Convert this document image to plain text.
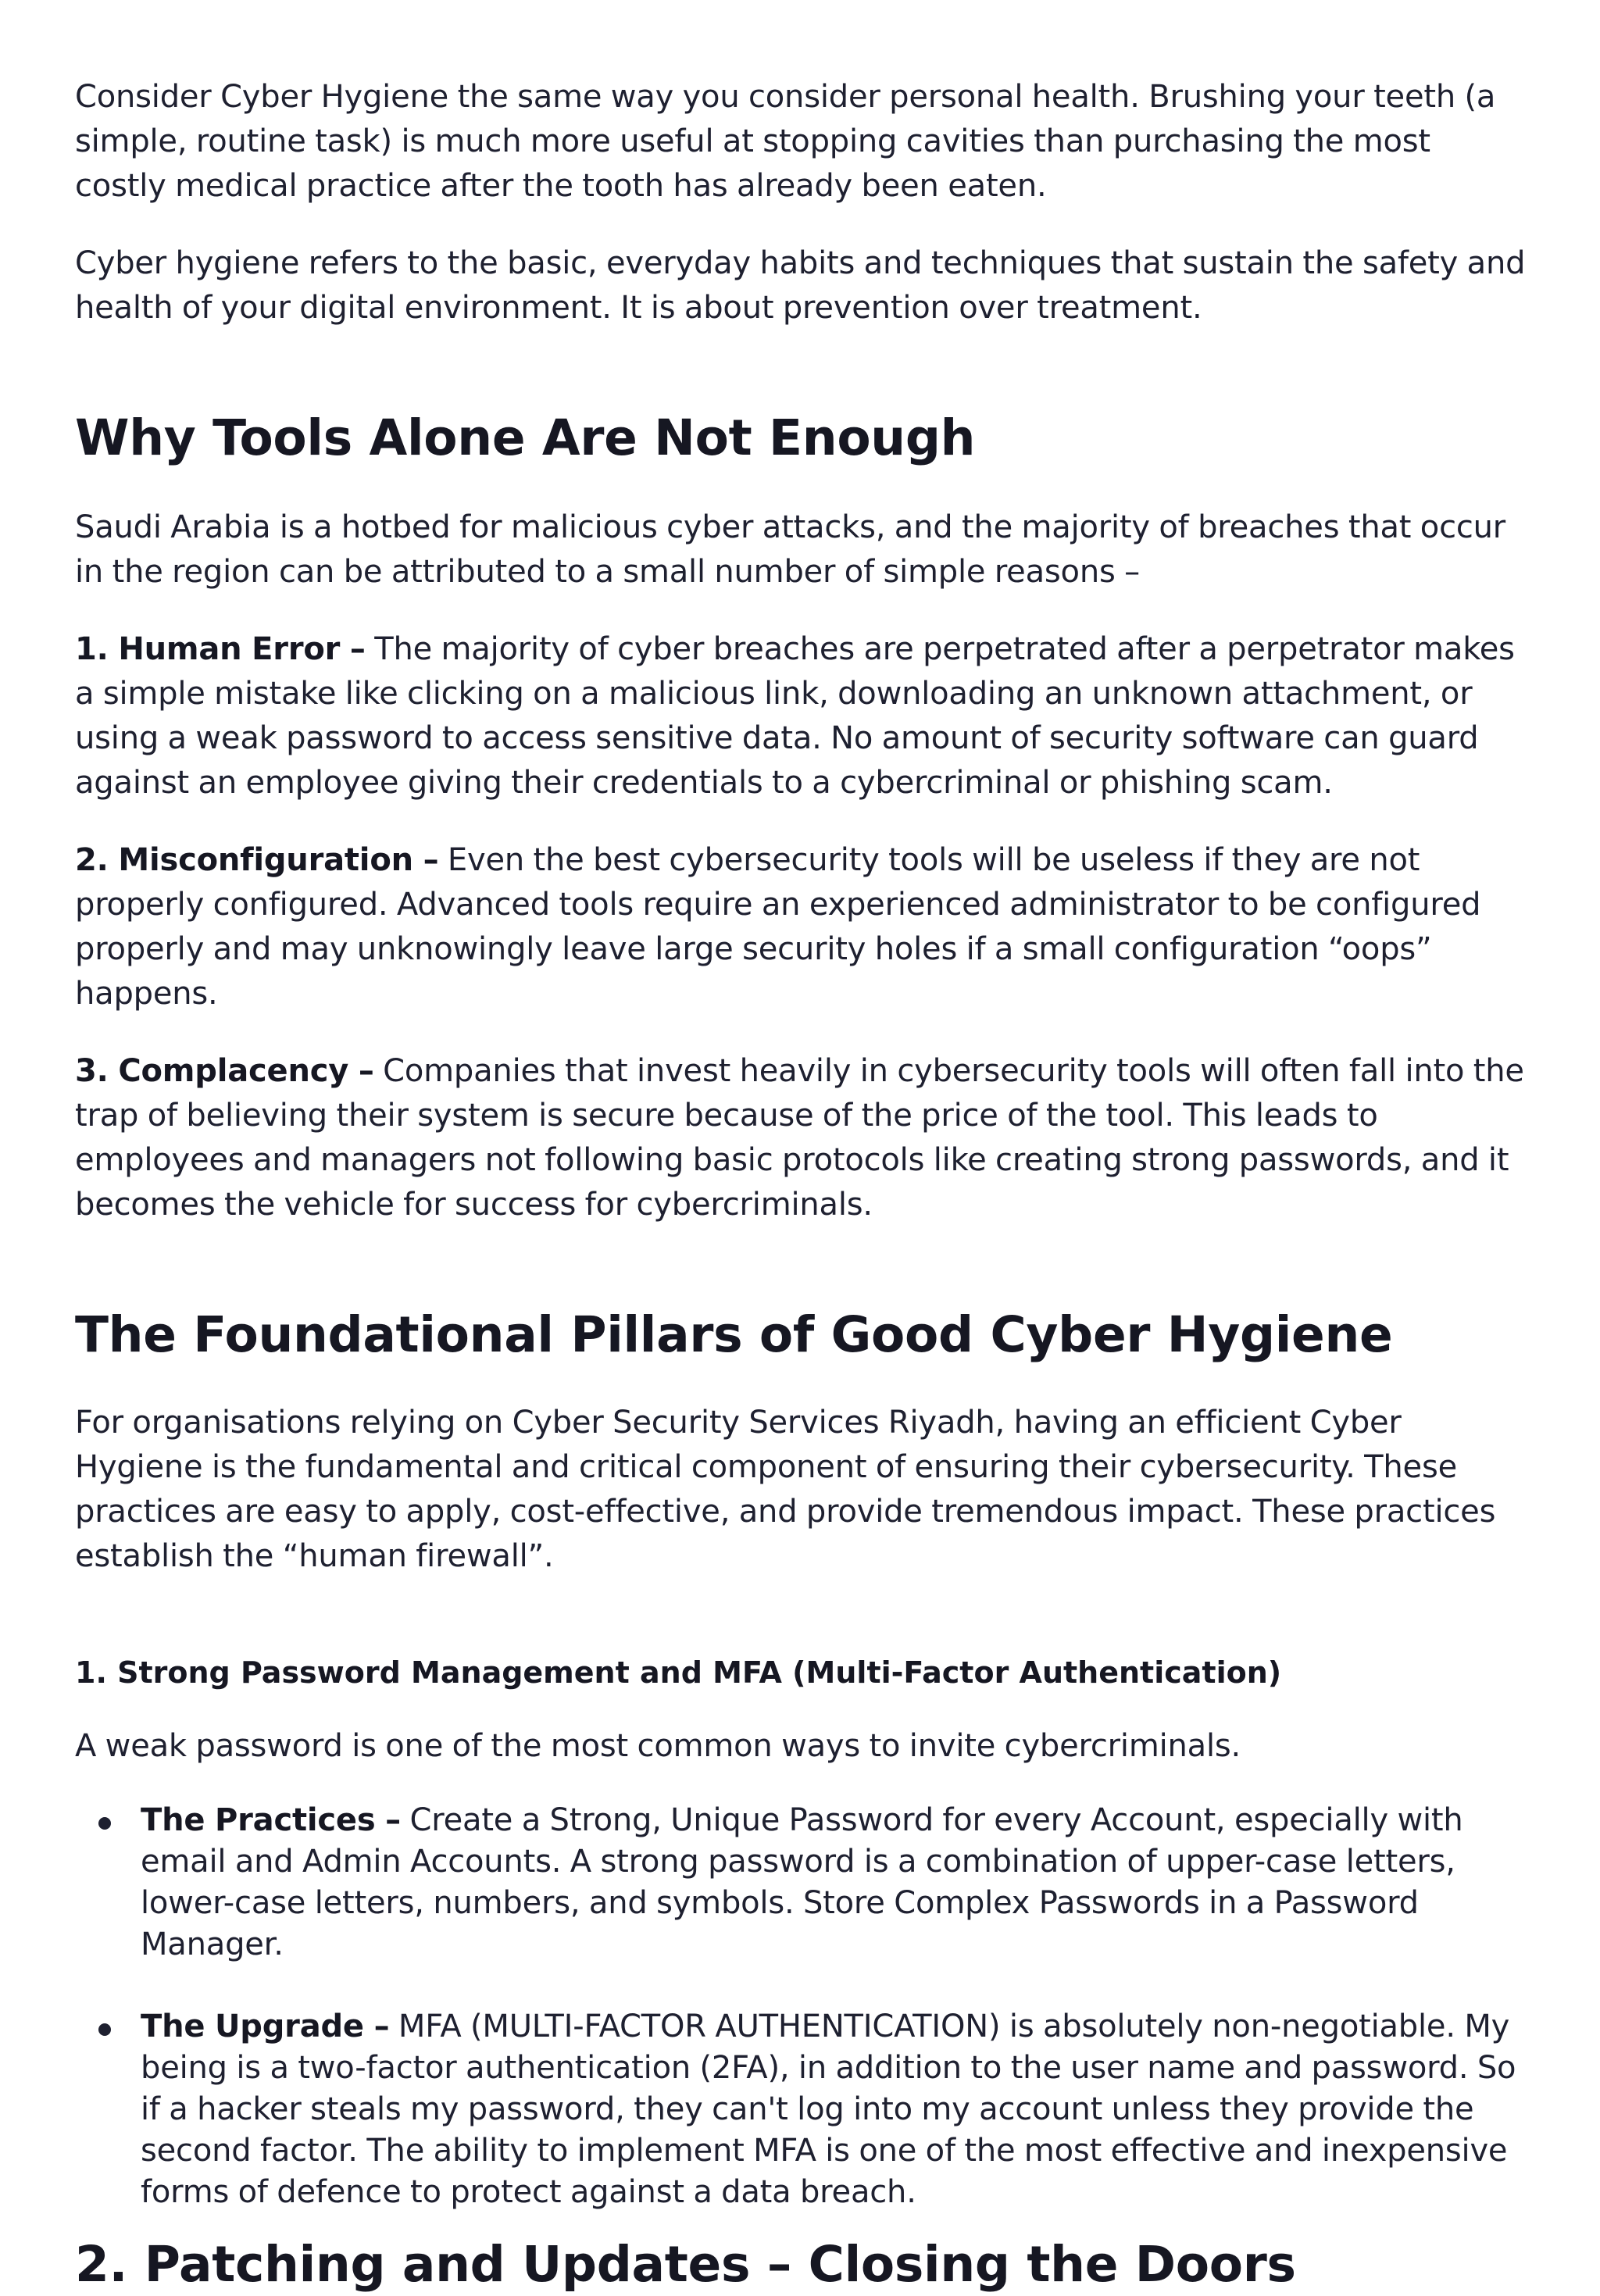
Consider Cyber Hygiene the same way you consider personal health. Brushing your teeth (a simple, routine task) is much more useful at stopping cavities than purchasing the most costly medical practice after the tooth has already been eaten.

Cyber hygiene refers to the basic, everyday habits and techniques that sustain the safety and health of your digital environment. It is about prevention over treatment.

Why Tools Alone Are Not Enough

Saudi Arabia is a hotbed for malicious cyber attacks, and the majority of breaches that occur in the region can be attributed to a small number of simple reasons –

1. Human Error – The majority of cyber breaches are perpetrated after a perpetrator makes a simple mistake like clicking on a malicious link, downloading an unknown attachment, or using a weak password to access sensitive data. No amount of security software can guard against an employee giving their credentials to a cybercriminal or phishing scam.

2. Misconfiguration – Even the best cybersecurity tools will be useless if they are not properly configured. Advanced tools require an experienced administrator to be configured properly and may unknowingly leave large security holes if a small configuration “oops” happens.

3. Complacency – Companies that invest heavily in cybersecurity tools will often fall into the trap of believing their system is secure because of the price of the tool. This leads to employees and managers not following basic protocols like creating strong passwords, and it becomes the vehicle for success for cybercriminals.

The Foundational Pillars of Good Cyber Hygiene

For organisations relying on Cyber Security Services Riyadh, having an efficient Cyber Hygiene is the fundamental and critical component of ensuring their cybersecurity. These practices are easy to apply, cost-effective, and provide tremendous impact. These practices establish the “human firewall”.

1. Strong Password Management and MFA (Multi-Factor Authentication)

A weak password is one of the most common ways to invite cybercriminals.

The Practices – Create a Strong, Unique Password for every Account, especially with email and Admin Accounts. A strong password is a combination of upper-case letters, lower-case letters, numbers, and symbols. Store Complex Passwords in a Password Manager.
The Upgrade – MFA (MULTI-FACTOR AUTHENTICATION) is absolutely non-negotiable. My being is a two-factor authentication (2FA), in addition to the user name and password. So if a hacker steals my password, they can't log into my account unless they provide the second factor. The ability to implement MFA is one of the most effective and inexpensive forms of defence to protect against a data breach.
2. Patching and Updates – Closing the Doors
